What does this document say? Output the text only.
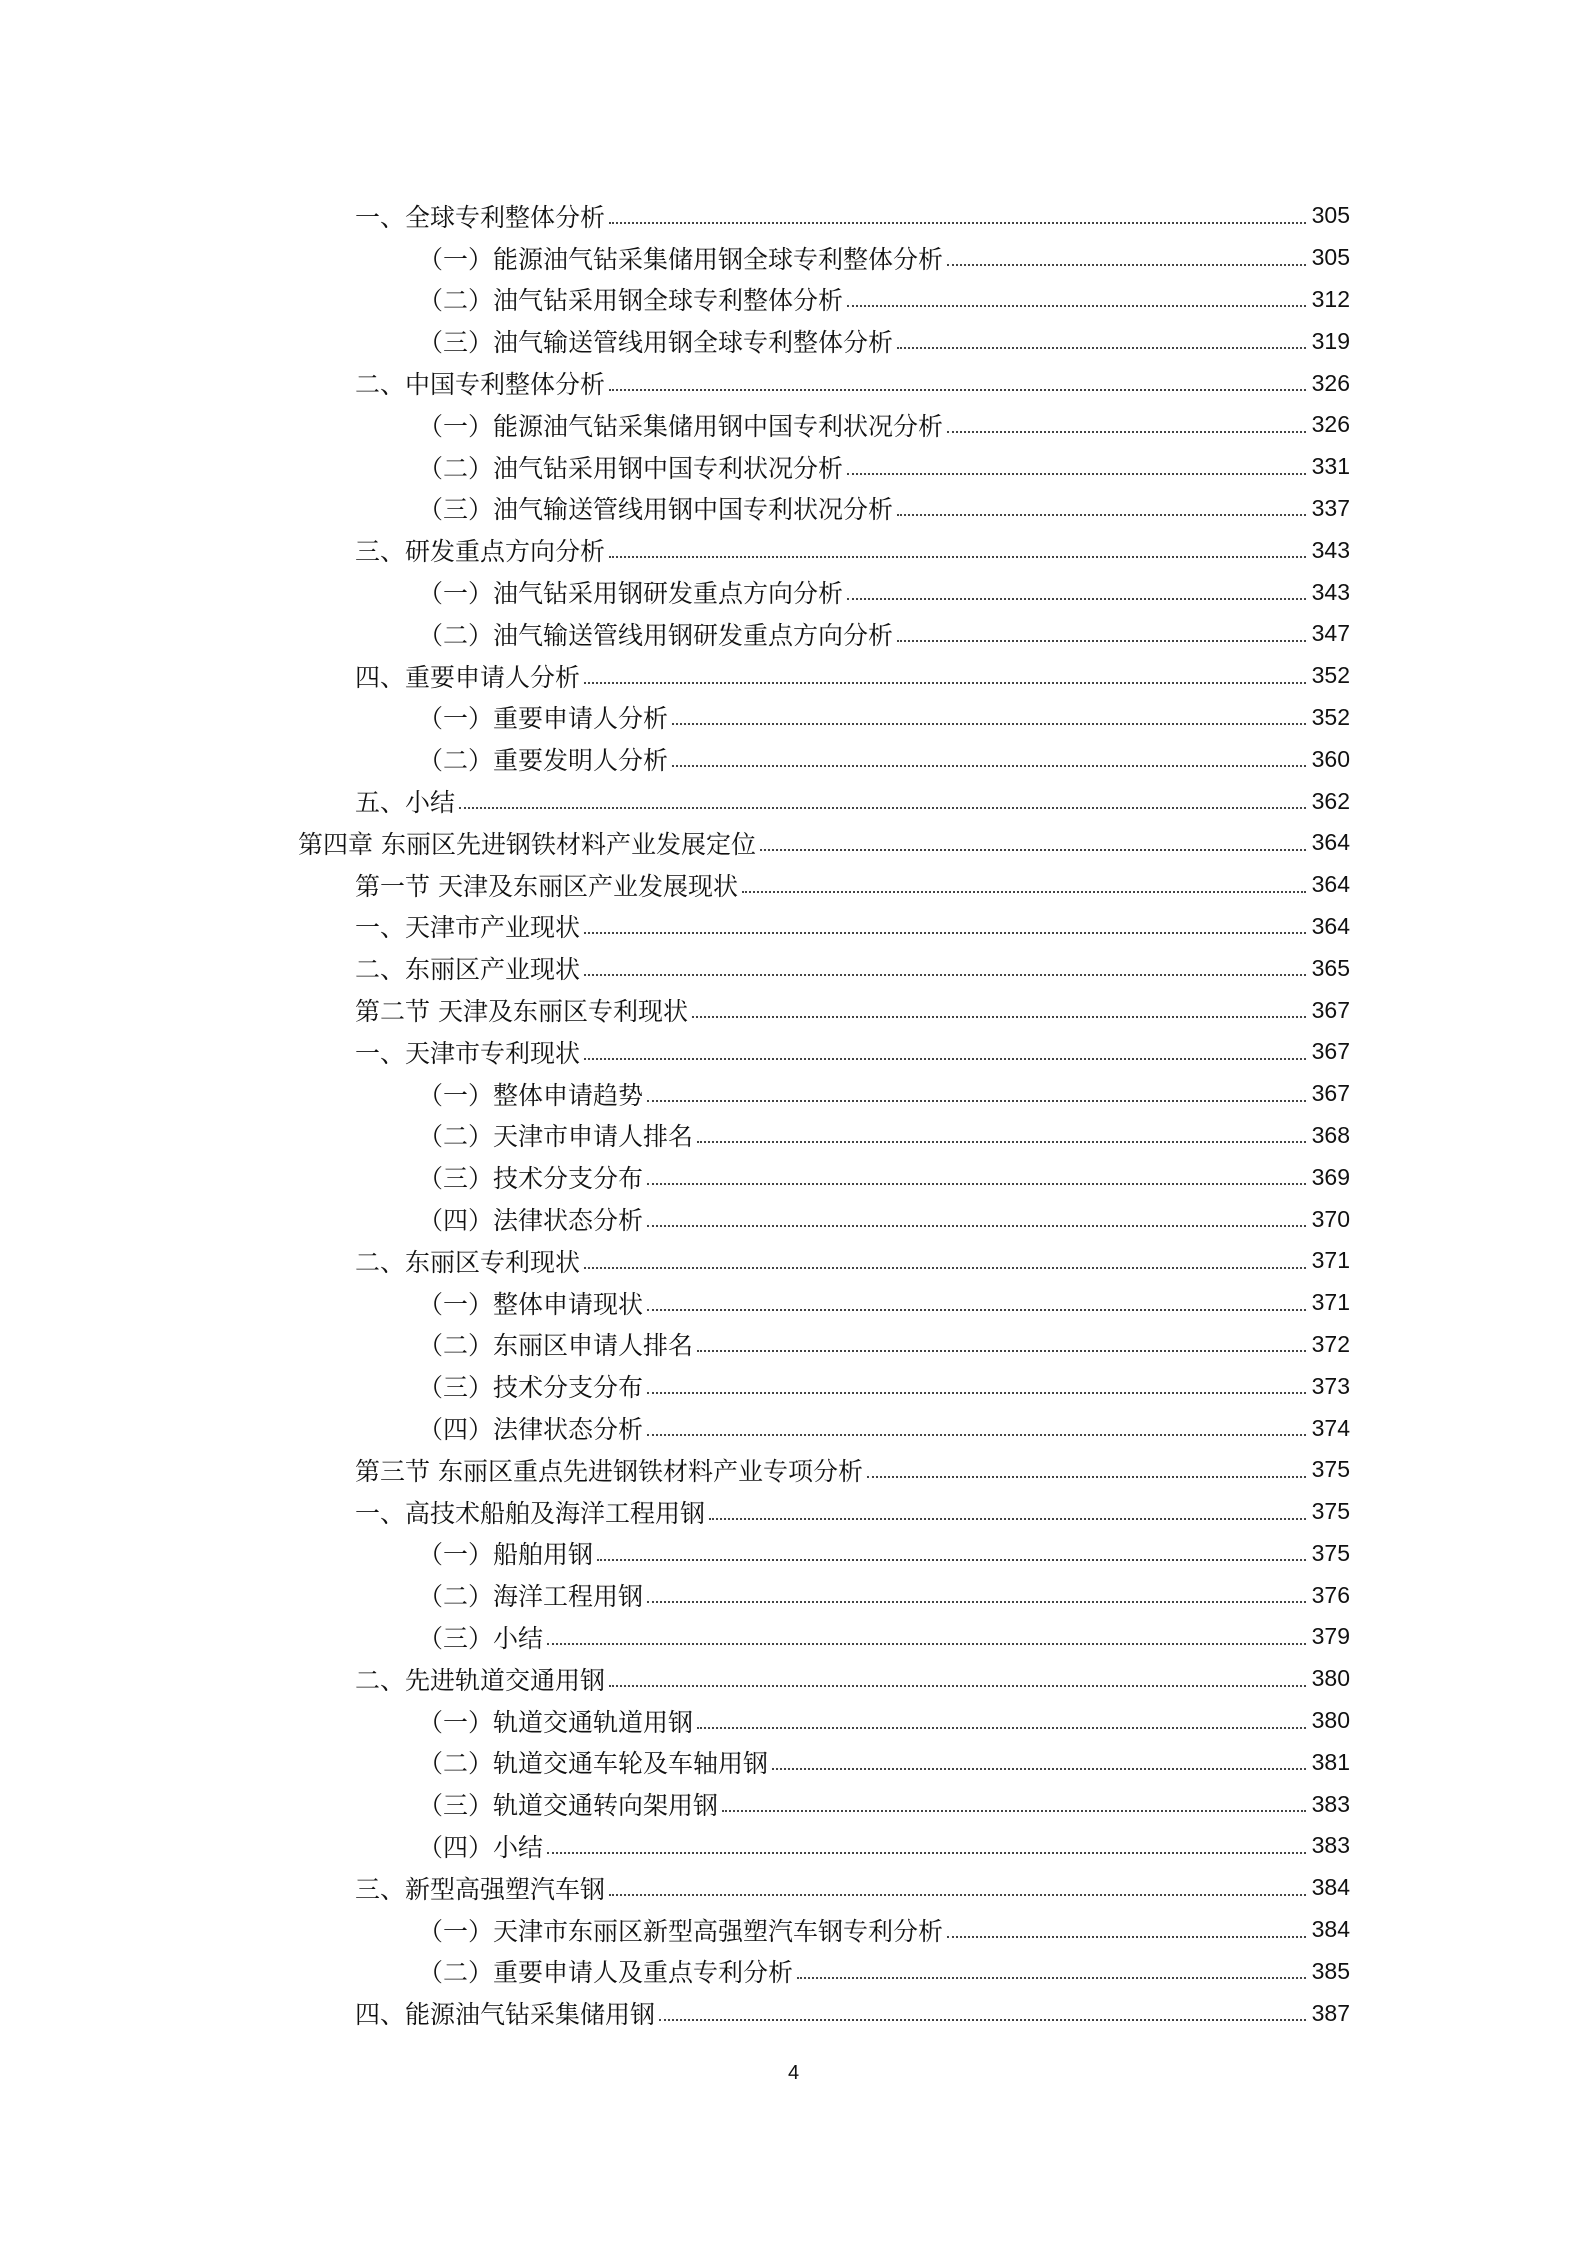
一、全球专利整体分析	305
（一）能源油气钻采集储用钢全球专利整体分析	305
（二）油气钻采用钢全球专利整体分析	312
（三）油气输送管线用钢全球专利整体分析	319
二、中国专利整体分析	326
（一）能源油气钻采集储用钢中国专利状况分析	326
（二）油气钻采用钢中国专利状况分析	331
（三）油气输送管线用钢中国专利状况分析	337
三、研发重点方向分析	343
（一）油气钻采用钢研发重点方向分析	343
（二）油气输送管线用钢研发重点方向分析	347
四、重要申请人分析	352
（一）重要申请人分析	352
（二）重要发明人分析	360
五、小结	362
第四章 东丽区先进钢铁材料产业发展定位	364
第一节 天津及东丽区产业发展现状	364
一、天津市产业现状	364
二、东丽区产业现状	365
第二节 天津及东丽区专利现状	367
一、天津市专利现状	367
（一）整体申请趋势	367
（二）天津市申请人排名	368
（三）技术分支分布	369
（四）法律状态分析	370
二、东丽区专利现状	371
（一）整体申请现状	371
（二）东丽区申请人排名	372
（三）技术分支分布	373
（四）法律状态分析	374
第三节 东丽区重点先进钢铁材料产业专项分析	375
一、高技术船舶及海洋工程用钢	375
（一）船舶用钢	375
（二）海洋工程用钢	376
（三）小结	379
二、先进轨道交通用钢	380
（一）轨道交通轨道用钢	380
（二）轨道交通车轮及车轴用钢	381
（三）轨道交通转向架用钢	383
（四）小结	383
三、新型高强塑汽车钢	384
（一）天津市东丽区新型高强塑汽车钢专利分析	384
（二）重要申请人及重点专利分析	385
四、能源油气钻采集储用钢	387
4
